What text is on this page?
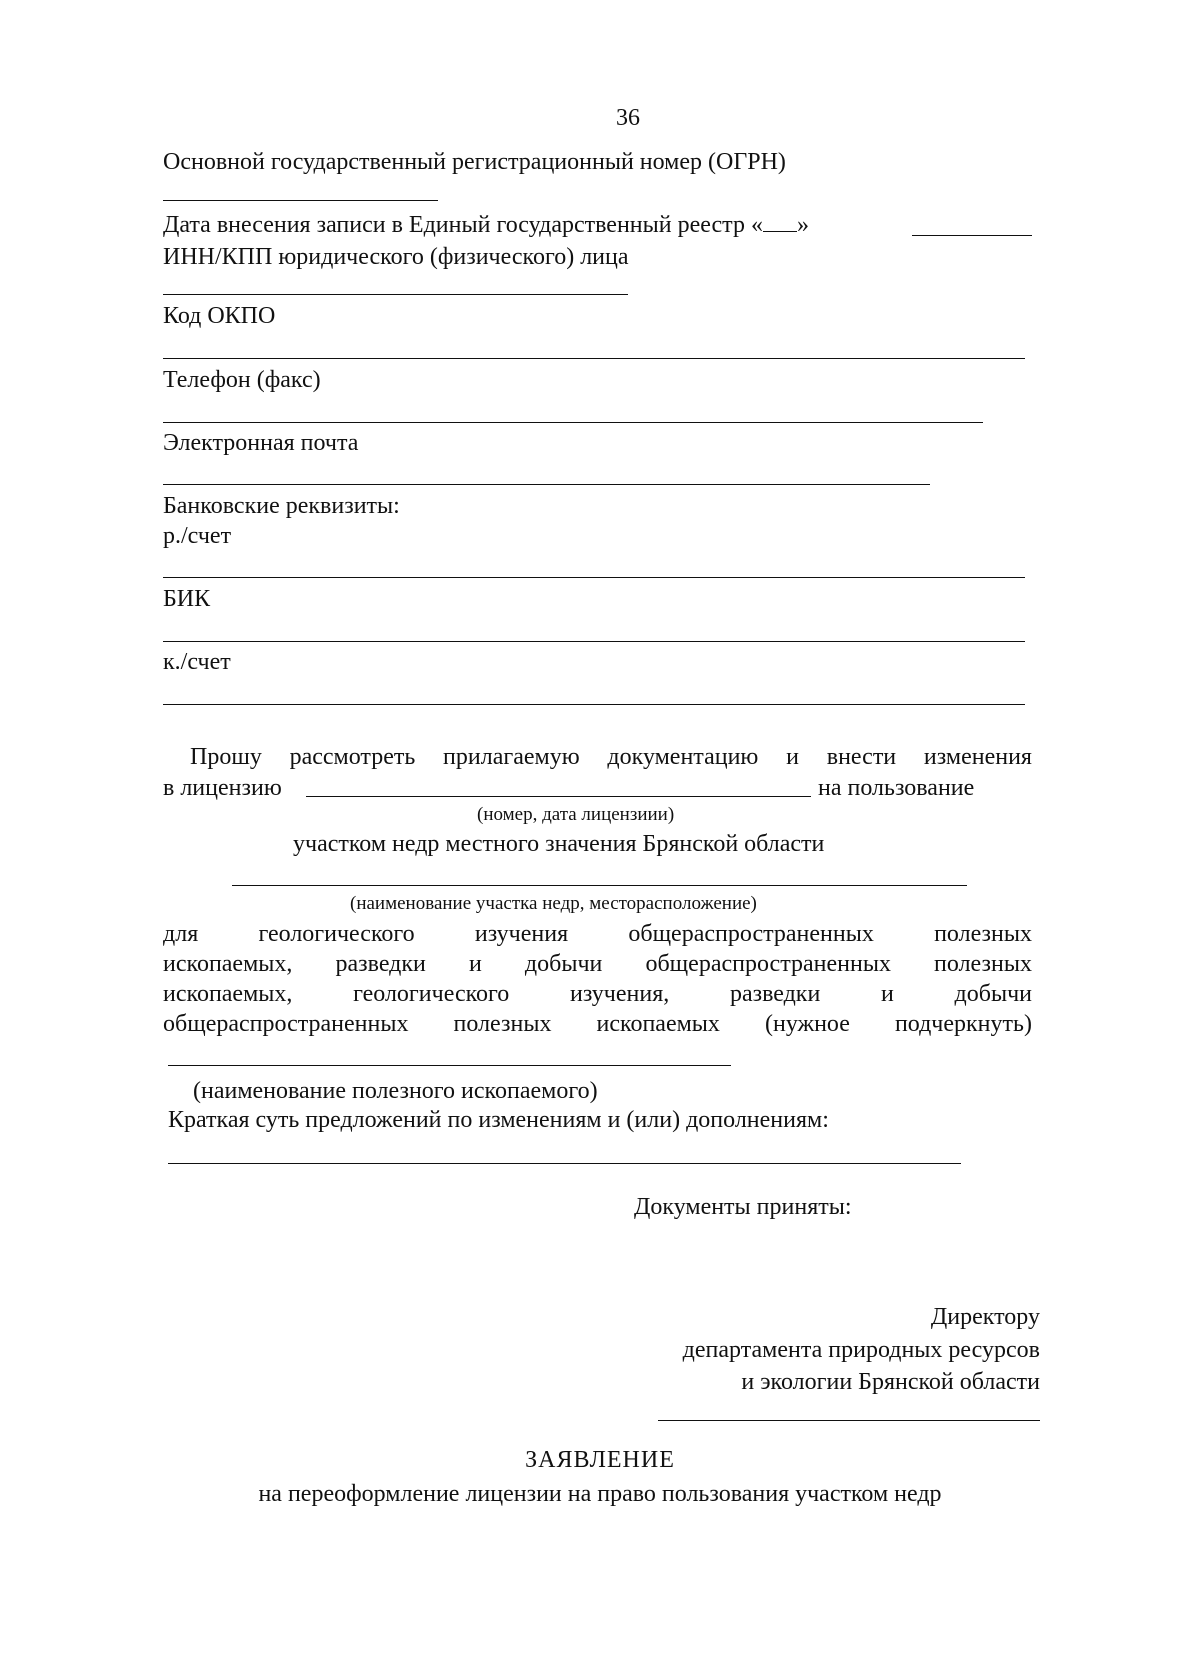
36
Основной государственный регистрационный номер (ОГРН)
Дата внесения записи в Единый государственный реестр « »
ИНН/КПП юридического (физического) лица
Код ОКПО
Телефон (факс)
Электронная почта
Банковские реквизиты:
р./счет
БИК
к./счет
Прошу рассмотреть прилагаемую документацию и внести изменения
в лицензию	на пользование
(номер, дата лицензиии)
участком недр местного значения Брянской области
(наименование участка недр, месторасположение)
для	геологического	изучения	общераспространенных	полезных
ископаемых, разведки и добычи общераспространенных полезных
ископаемых,	геологического	изучения,	разведки	и	добычи
общераспространенных полезных ископаемых (нужное подчеркнуть)
(наименование полезного ископаемого)
Краткая суть предложений по изменениям и (или) дополнениям:
Документы приняты:
Директору
департамента природных ресурсов
и экологии Брянской области
ЗАЯВЛЕНИЕ
на переоформление лицензии на право пользования участком недр
